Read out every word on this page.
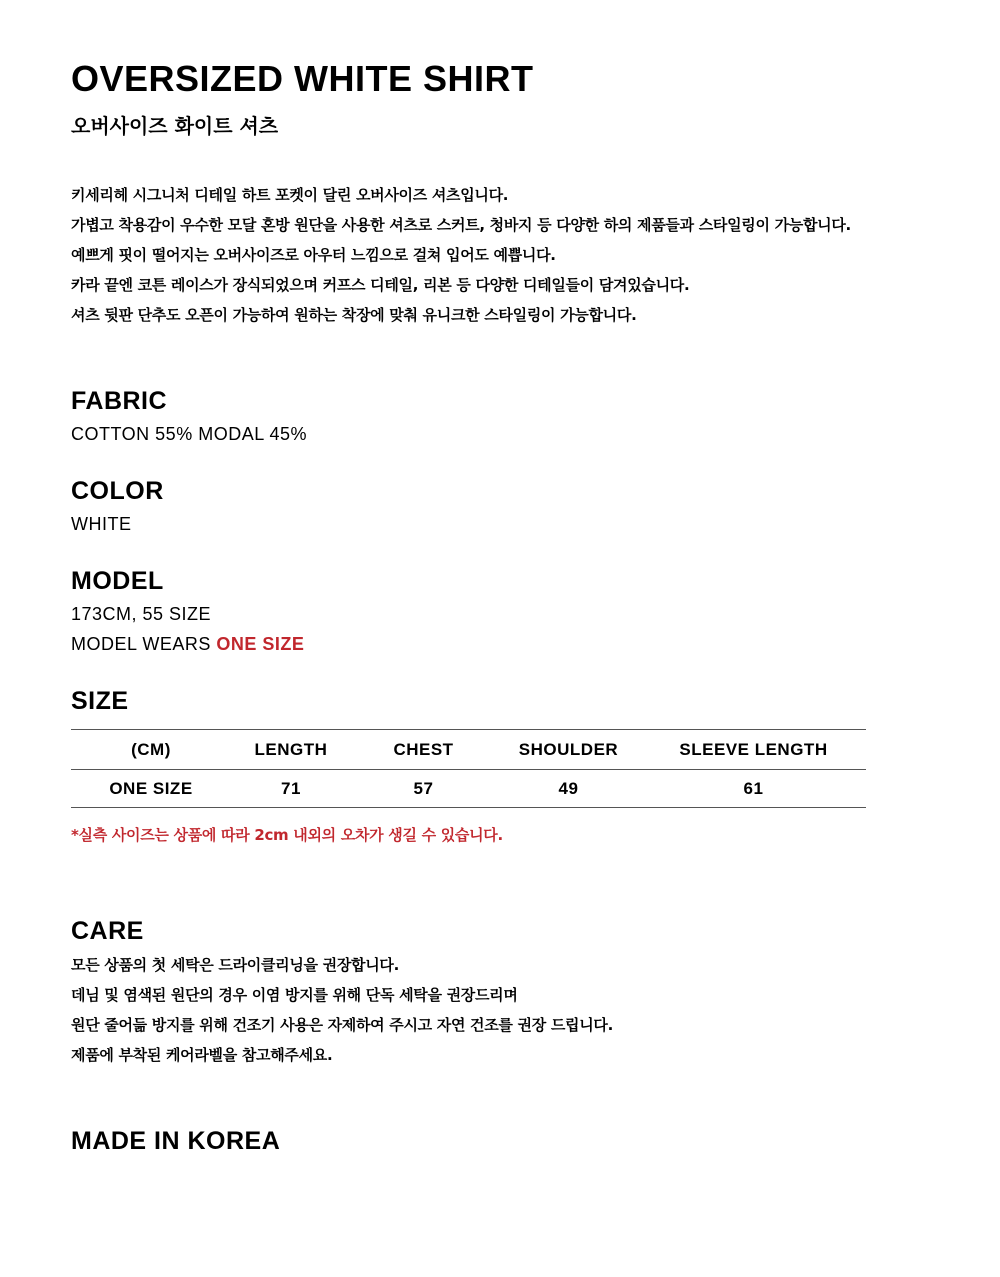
OVERSIZED WHITE SHIRT
오버사이즈 화이트 셔츠
키세리헤 시그니처 디테일 하트 포켓이 달린 오버사이즈 셔츠입니다.
가볍고 착용감이 우수한 모달 혼방 원단을 사용한 셔츠로 스커트, 청바지 등 다양한 하의 제품들과 스타일링이 가능합니다.
예쁘게 핏이 떨어지는 오버사이즈로 아우터 느낌으로 걸쳐 입어도 예쁩니다.
카라 끝엔 코튼 레이스가 장식되었으며 커프스 디테일, 리본 등 다양한 디테일들이 담겨있습니다.
셔츠 뒷판 단추도 오픈이 가능하여 원하는 착장에 맞춰 유니크한 스타일링이 가능합니다.
FABRIC

COTTON 55% MODAL 45%

COLOR

WHITE

MODEL

173CM, 55 SIZE

MODEL WEARS ONE SIZE

SIZE
(CM)	LENGTH	CHEST	SHOULDER	SLEEVE LENGTH
ONE SIZE	71	57	49	61

*실측 사이즈는 상품에 따라 2cm 내외의 오차가 생길 수 있습니다.

CARE
모든 상품의 첫 세탁은 드라이클리닝을 권장합니다.
데님 및 염색된 원단의 경우 이염 방지를 위해 단독 세탁을 권장드리며
원단 줄어듦 방지를 위해 건조기 사용은 자제하여 주시고 자연 건조를 권장 드립니다.
제품에 부착된 케어라벨을 참고해주세요.
MADE IN KOREA
